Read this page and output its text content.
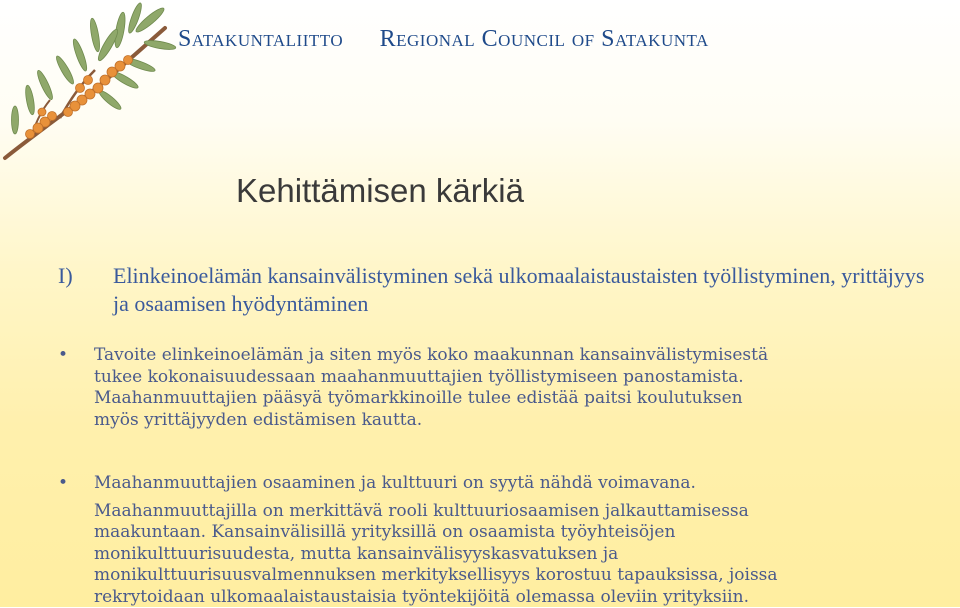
Satakuntaliitto Regional Council of Satakunta
Kehittämisen kärkiä
I) Elinkeinoelämän kansainvälistyminen sekä ulkomaalaistaustaisten työllistyminen, yrittäjyys ja osaamisen hyödyntäminen
• Tavoite elinkeinoelämän ja siten myös koko maakunnan kansainvälistymisestä
tukee kokonaisuudessaan maahanmuuttajien työllistymiseen panostamista.
Maahanmuuttajien pääsyä työmarkkinoille tulee edistää paitsi koulutuksen
myös yrittäjyyden edistämisen kautta.
• Maahanmuuttajien osaaminen ja kulttuuri on syytä nähdä voimavana.
Maahanmuuttajilla on merkittävä rooli kulttuuriosaamisen jalkauttamisessa
maakuntaan. Kansainvälisillä yrityksillä on osaamista työyhteisöjen
monikulttuurisuudesta, mutta kansainvälisyyskasvatuksen ja
monikulttuurisuusvalmennuksen merkityksellisyys korostuu tapauksissa, joissa
rekrytoidaan ulkomaalaistaustaisia työntekijöitä olemassa oleviin yrityksiin.
